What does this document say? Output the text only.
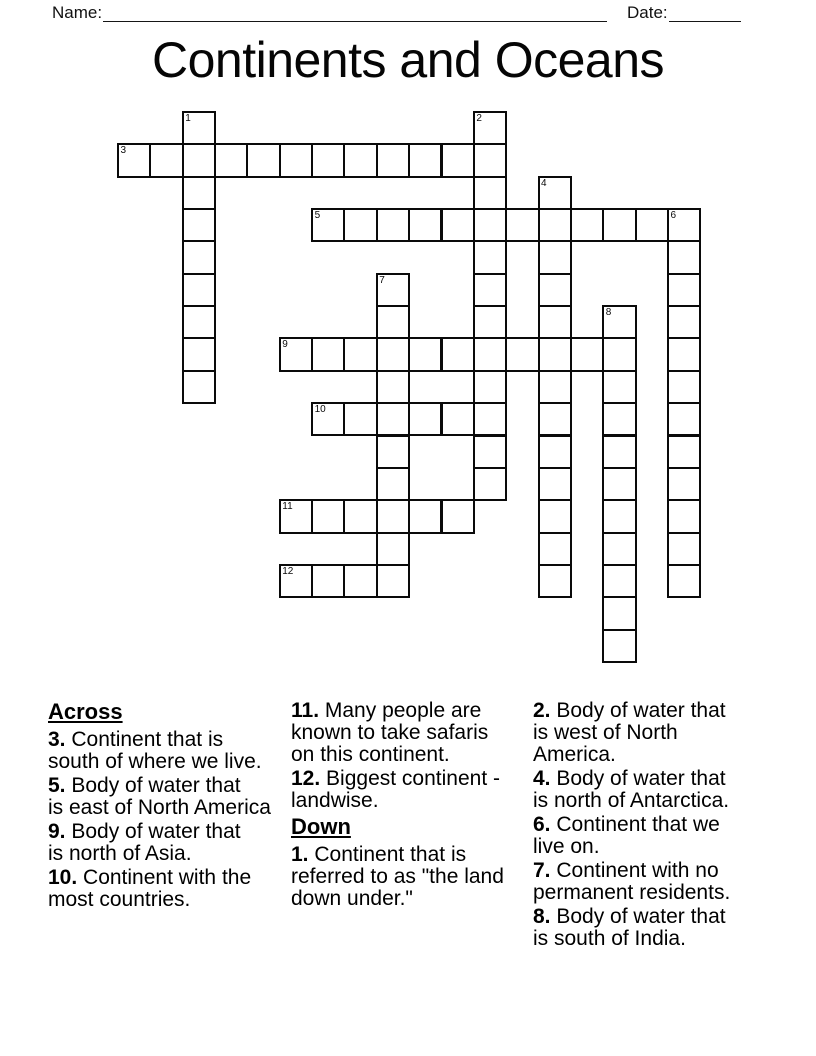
Name:	Date:
Continents and Oceans
3
5	6
9
10
11
12
1	2
4
7
8
Across
3. Continent that is
south of where we live.
5. Body of water that
is east of North America
9. Body of water that
is north of Asia.
10. Continent with the
most countries.
11. Many people are
known to take safaris
on this continent.
12. Biggest continent -
landwise.
Down
1. Continent that is
referred to as "the land
down under."
2. Body of water that
is west of North
America.
4. Body of water that
is north of Antarctica.
6. Continent that we
live on.
7. Continent with no
permanent residents.
8. Body of water that
is south of India.
